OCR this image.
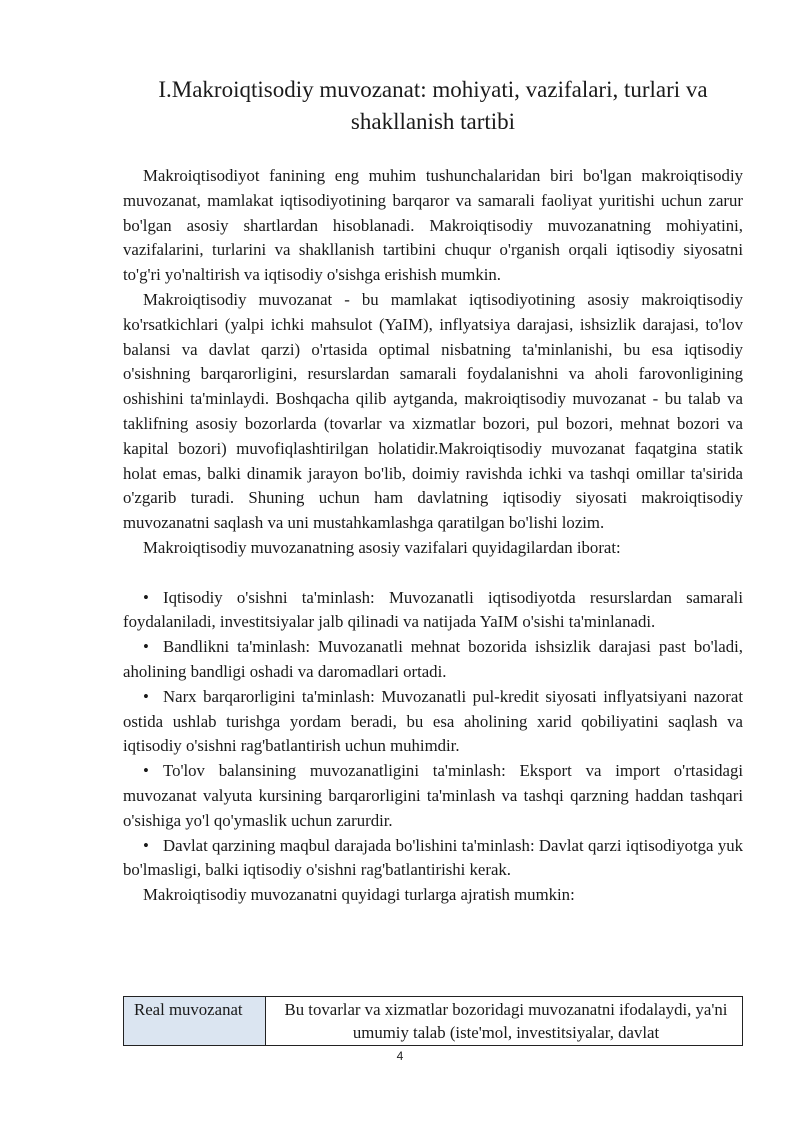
I.Makroiqtisodiy muvozanat: mohiyati, vazifalari, turlari va shakllanish tartibi

Makroiqtisodiyot fanining eng muhim tushunchalaridan biri bo'lgan makroiqtisodiy muvozanat, mamlakat iqtisodiyotining barqaror va samarali faoliyat yuritishi uchun zarur bo'lgan asosiy shartlardan hisoblanadi. Makroiqtisodiy muvozanatning mohiyatini, vazifalarini, turlarini va shakllanish tartibini chuqur o'rganish orqali iqtisodiy siyosatni to'g'ri yo'naltirish va iqtisodiy o'sishga erishish mumkin.

Makroiqtisodiy muvozanat - bu mamlakat iqtisodiyotining asosiy makroiqtisodiy ko'rsatkichlari (yalpi ichki mahsulot (YaIM), inflyatsiya darajasi, ishsizlik darajasi, to'lov balansi va davlat qarzi) o'rtasida optimal nisbatning ta'minlanishi, bu esa iqtisodiy o'sishning barqarorligini, resurslardan samarali foydalanishni va aholi farovonligining oshishini ta'minlaydi. Boshqacha qilib aytganda, makroiqtisodiy muvozanat - bu talab va taklifning asosiy bozorlarda (tovarlar va xizmatlar bozori, pul bozori, mehnat bozori va kapital bozori) muvofiqlashtirilgan holatidir.Makroiqtisodiy muvozanat faqatgina statik holat emas, balki dinamik jarayon bo'lib, doimiy ravishda ichki va tashqi omillar ta'sirida o'zgarib turadi. Shuning uchun ham davlatning iqtisodiy siyosati makroiqtisodiy muvozanatni saqlash va uni mustahkamlashga qaratilgan bo'lishi lozim.

Makroiqtisodiy muvozanatning asosiy vazifalari quyidagilardan iborat:

• Iqtisodiy o'sishni ta'minlash: Muvozanatli iqtisodiyotda resurslardan samarali foydalaniladi, investitsiyalar jalb qilinadi va natijada YaIM o'sishi ta'minlanadi.

• Bandlikni ta'minlash: Muvozanatli mehnat bozorida ishsizlik darajasi past bo'ladi, aholining bandligi oshadi va daromadlari ortadi.

• Narx barqarorligini ta'minlash: Muvozanatli pul-kredit siyosati inflyatsiyani nazorat ostida ushlab turishga yordam beradi, bu esa aholining xarid qobiliyatini saqlash va iqtisodiy o'sishni rag'batlantirish uchun muhimdir.

• To'lov balansining muvozanatligini ta'minlash: Eksport va import o'rtasidagi muvozanat valyuta kursining barqarorligini ta'minlash va tashqi qarzning haddan tashqari o'sishiga yo'l qo'ymaslik uchun zarurdir.

• Davlat qarzining maqbul darajada bo'lishini ta'minlash: Davlat qarzi iqtisodiyotga yuk bo'lmasligi, balki iqtisodiy o'sishni rag'batlantirishi kerak.

Makroiqtisodiy muvozanatni quyidagi turlarga ajratish mumkin:

Real muvozanat	Bu tovarlar va xizmatlar bozoridagi muvozanatni ifodalaydi, ya'ni umumiy talab (iste'mol, investitsiyalar, davlat
4
